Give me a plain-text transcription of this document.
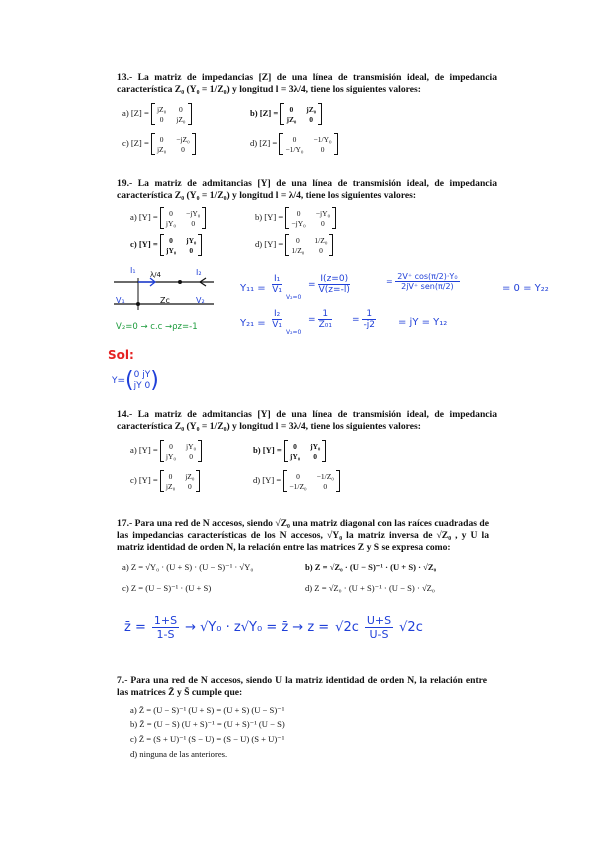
13.- La matriz de impedancias [Z] de una línea de transmisión ideal, de impedancia característica Z₀ (Y₀ = 1/Z₀) y longitud l = 3λ/4, tiene los siguientes valores:
a) [Z] = jZ₀	0
0	jZ₀
b) [Z] =	0	jZ₀
jZ₀	0
c) [Z] =	0	−jZ₀
jZ₀	0
d) [Z] =	0	−1/Y₀
−1/Y₀	0
19.- La matriz de admitancias [Y] de una línea de transmisión ideal, de impedancia característica Z₀ (Y₀ = 1/Z₀) y longitud l = λ/4, tiene los siguientes valores:
a) [Y] =	0	−jY₀
jY₀	0
b) [Y] =	0	−jY₀
−jY₀	0
c) [Y] =	0	jY₀
jY₀	0
d) [Y] =	0	1/Z₀
1/Z₀	0
I₁ λ/4	I₂
V₁	Zc	V₂
V₂=0 → c.c →ρz=-1
Y₁₁ =
I₁
V₁
V₂=0
= $\frac{I(z=0)}{V(z=-l)}$	=
2V⁺ cos(π/2)·Y₀
2jV⁺ sen(π/2)	= 0 = Y₂₂
Y₂₁ =
I₂
V₁
V₂=0
= $\frac{1}{\text{Z₀₁}} = \frac{1}{-j2}$ = jY = Y₁₂
Sol:
Y= ( 0 jY
jY 0 )
14.- La matriz de admitancias [Y] de una línea de transmisión ideal, de impedancia característica Z₀ (Y₀ = 1/Z₀) y longitud l = 3λ/4, tiene los siguientes valores:
a) [Y] =	0	jY₀
jY₀	0
b) [Y] =	0	jY₀
jY₀	0
c) [Y] =	0	jZ₀
jZ₀	0
d) [Y] =	0	−1/Z₀
−1/Z₀	0
17.- Para una red de N accesos, siendo √Z₀ una matriz diagonal con las raíces cuadradas de las impedancias características de los N accesos, √Y₀ la matriz inversa de √Z₀ , y U la matriz identidad de orden N, la relación entre las matrices Z y S se expresa como:
a) Z = √Y₀ · (U + S) · (U − S)⁻¹ · √Y₀	b) Z = √Z₀ · (U − S)⁻¹ · (U + S) · √Z₀
c) Z = (U − S)⁻¹ · (U + S)	d) Z = √Z₀ · (U + S)⁻¹ · (U − S) · √Z₀
z̄ = $\frac{1+S}{1-S} \to √Y_0 \cdot z√Y_0$ = z̄ → z = √2c U+S
U-S √2c
7.- Para una red de N accesos, siendo U la matriz identidad de orden N, la relación entre las matrices Z̄ y S̄ cumple que:
a) Z̄ = (U − S)⁻¹ (U + S) = (U + S) (U − S)⁻¹
b) Z̄ = (U − S) (U + S)⁻¹ = (U + S)⁻¹ (U − S)
c) Z̄ = (S + U)⁻¹ (S − U) = (S − U) (S + U)⁻¹
d) ninguna de las anteriores.
